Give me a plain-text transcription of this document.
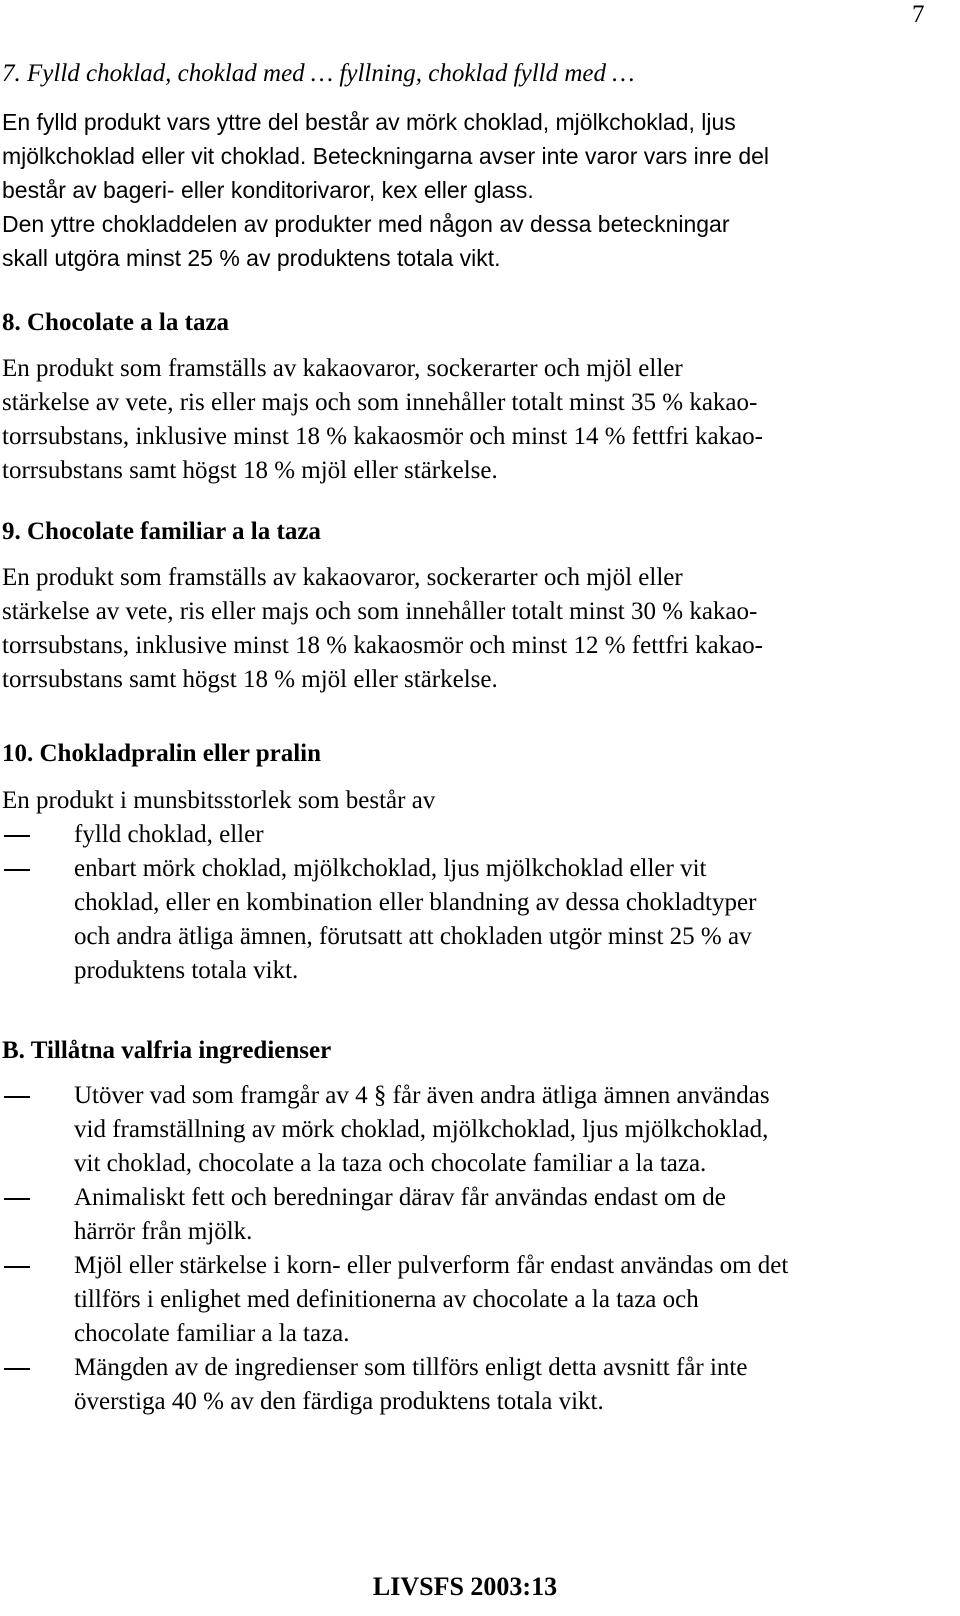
7
7. Fylld choklad, choklad med … fyllning, choklad fylld med …
En fylld produkt vars yttre del består av mörk choklad, mjölkchoklad, ljus
mjölkchoklad eller vit choklad. Beteckningarna avser inte varor vars inre del
består av bageri- eller konditorivaror, kex eller glass.
Den yttre chokladdelen av produkter med någon av dessa beteckningar
skall utgöra minst 25 % av produktens totala vikt.
8. Chocolate a la taza
En produkt som framställs av kakaovaror, sockerarter och mjöl eller
stärkelse av vete, ris eller majs och som innehåller totalt minst 35 % kakao-
torrsubstans, inklusive minst 18 % kakaosmör och minst 14 % fettfri kakao-
torrsubstans samt högst 18 % mjöl eller stärkelse.
9. Chocolate familiar a la taza
En produkt som framställs av kakaovaror, sockerarter och mjöl eller
stärkelse av vete, ris eller majs och som innehåller totalt minst 30 % kakao-
torrsubstans, inklusive minst 18 % kakaosmör och minst 12 % fettfri kakao-
torrsubstans samt högst 18 % mjöl eller stärkelse.
10. Chokladpralin eller pralin
En produkt i munsbitsstorlek som består av
fylld choklad, eller
enbart mörk choklad, mjölkchoklad, ljus mjölkchoklad eller vit
choklad, eller en kombination eller blandning av dessa chokladtyper
och andra ätliga ämnen, förutsatt att chokladen utgör minst 25 % av
produktens totala vikt.
B. Tillåtna valfria ingredienser
Utöver vad som framgår av 4 § får även andra ätliga ämnen användas
vid framställning av mörk choklad, mjölkchoklad, ljus mjölkchoklad,
vit choklad, chocolate a la taza och chocolate familiar a la taza.
Animaliskt fett och beredningar därav får användas endast om de
härrör från mjölk.
Mjöl eller stärkelse i korn- eller pulverform får endast användas om det
tillförs i enlighet med definitionerna av chocolate a la taza och
chocolate familiar a la taza.
Mängden av de ingredienser som tillförs enligt detta avsnitt får inte
överstiga 40 % av den färdiga produktens totala vikt.
LIVSFS 2003:13
